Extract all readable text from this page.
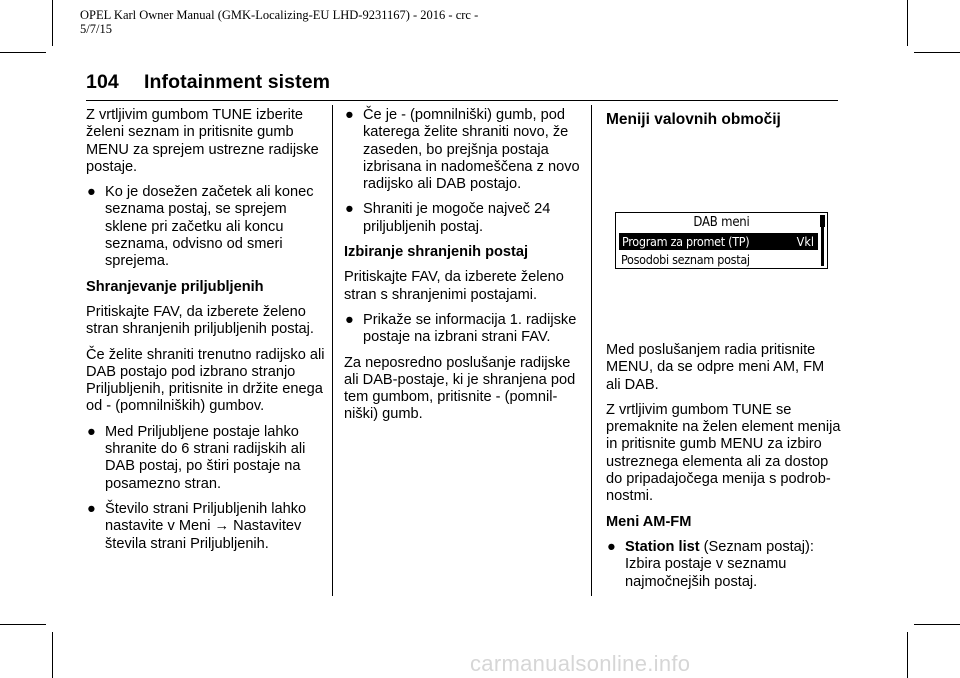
OPEL Karl Owner Manual (GMK-Localizing-EU LHD-9231167) - 2016 - crc -
5/7/15
104 Infotainment sistem

Z vrtljivim gumbom TUNE izberite želeni seznam in pritisnite gumb MENU za sprejem ustrezne radijske postaje.

● Ko je dosežen začetek ali konec seznama postaj, se sprejem sklene pri začetku ali koncu seznama, odvisno od smeri sprejema.

Shranjevanje priljubljenih

Pritiskajte FAV, da izberete želeno stran shranjenih priljubljenih postaj.

Če želite shraniti trenutno radijsko ali DAB postajo pod izbrano stranjo Priljubljenih, pritisnite in držite enega od - (pomnilniških) gumbov.

● Med Priljubljene postaje lahko shranite do 6 strani radijskih ali DAB postaj, po štiri postaje na posamezno stran.
● Število strani Priljubljenih lahko nastavite v Meni → Nastavitev števila strani Priljubljenih.
● Če je - (pomnilniški) gumb, pod katerega želite shraniti novo, že zaseden, bo prejšnja postaja izbrisana in nadomeščena z novo radijsko ali DAB postajo.
● Shraniti je mogoče največ 24 priljubljenih postaj.

Izbiranje shranjenih postaj

Pritiskajte FAV, da izberete želeno stran s shranjenimi postajami.

● Prikaže se informacija 1. radijske postaje na izbrani strani FAV.

Za neposredno poslušanje radijske ali DAB-postaje, ki je shranjena pod tem gumbom, pritisnite - (pomnilniški) gumb.

Meniji valovnih območij

DAB meni
Program za promet (TP)	Vkl
Posodobi seznam postaj

Med poslušanjem radia pritisnite MENU, da se odpre meni AM, FM ali DAB.

Z vrtljivim gumbom TUNE se premaknite na želen element menija in pritisnite gumb MENU za izbiro ustreznega elementa ali za dostop do pripadajočega menija s podrobnostmi.

Meni AM-FM

● Station list (Seznam postaj): Izbira postaje v seznamu najmočnejših postaj.
carmanualsonline.info
